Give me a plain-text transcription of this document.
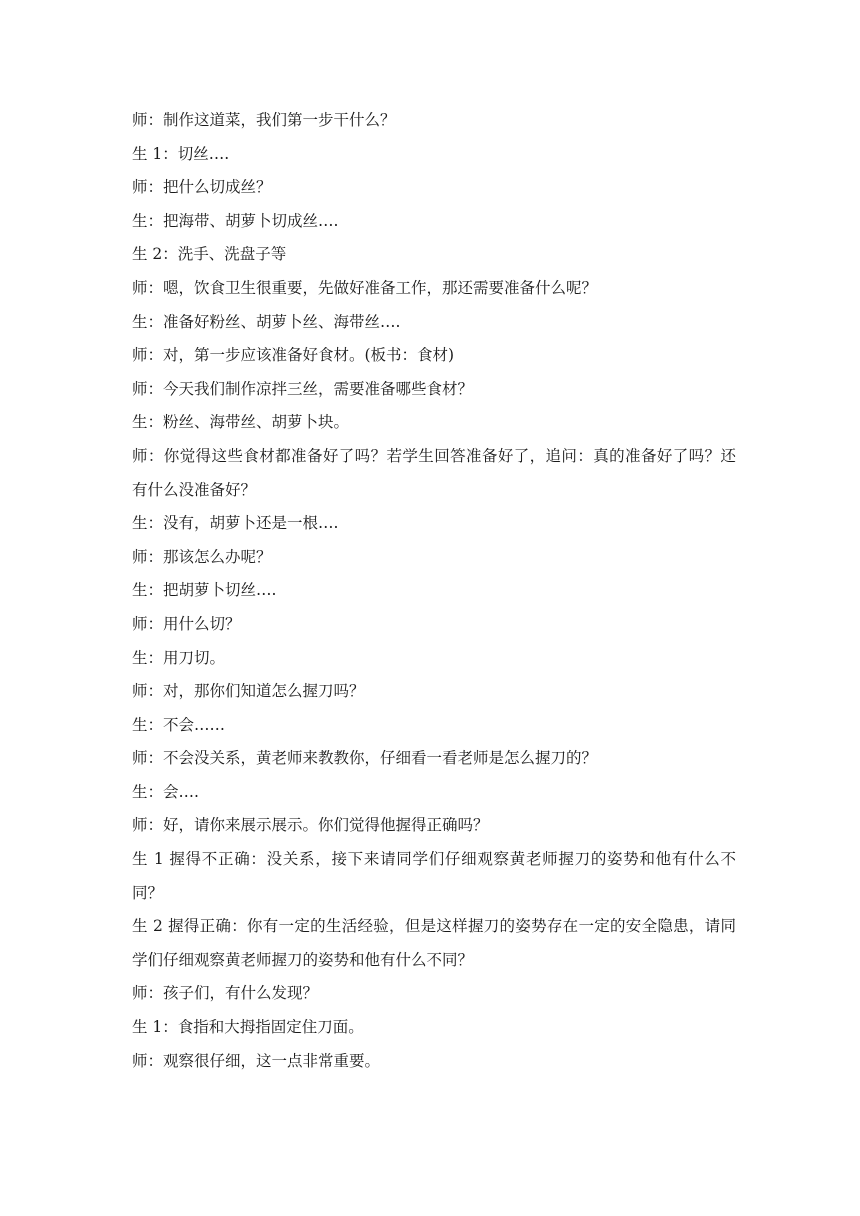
师：制作这道菜，我们第一步干什么？

生 1：切丝….

师：把什么切成丝？

生：把海带、胡萝卜切成丝….

生 2：洗手、洗盘子等

师：嗯，饮食卫生很重要，先做好准备工作，那还需要准备什么呢？

生：准备好粉丝、胡萝卜丝、海带丝….

师：对，第一步应该准备好食材。(板书：食材)

师：今天我们制作凉拌三丝，需要准备哪些食材？

生：粉丝、海带丝、胡萝卜块。

师：你觉得这些食材都准备好了吗？若学生回答准备好了，追问：真的准备好了吗？还有什么没准备好？

生：没有，胡萝卜还是一根….

师：那该怎么办呢？

生：把胡萝卜切丝….

师：用什么切？

生：用刀切。

师：对，那你们知道怎么握刀吗？

生：不会……

师：不会没关系，黄老师来教教你，仔细看一看老师是怎么握刀的？

生：会….

师：好，请你来展示展示。你们觉得他握得正确吗？

生 1 握得不正确：没关系，接下来请同学们仔细观察黄老师握刀的姿势和他有什么不同？

生 2 握得正确：你有一定的生活经验，但是这样握刀的姿势存在一定的安全隐患，请同学们仔细观察黄老师握刀的姿势和他有什么不同？

师：孩子们，有什么发现？

生 1：食指和大拇指固定住刀面。

师：观察很仔细，这一点非常重要。
